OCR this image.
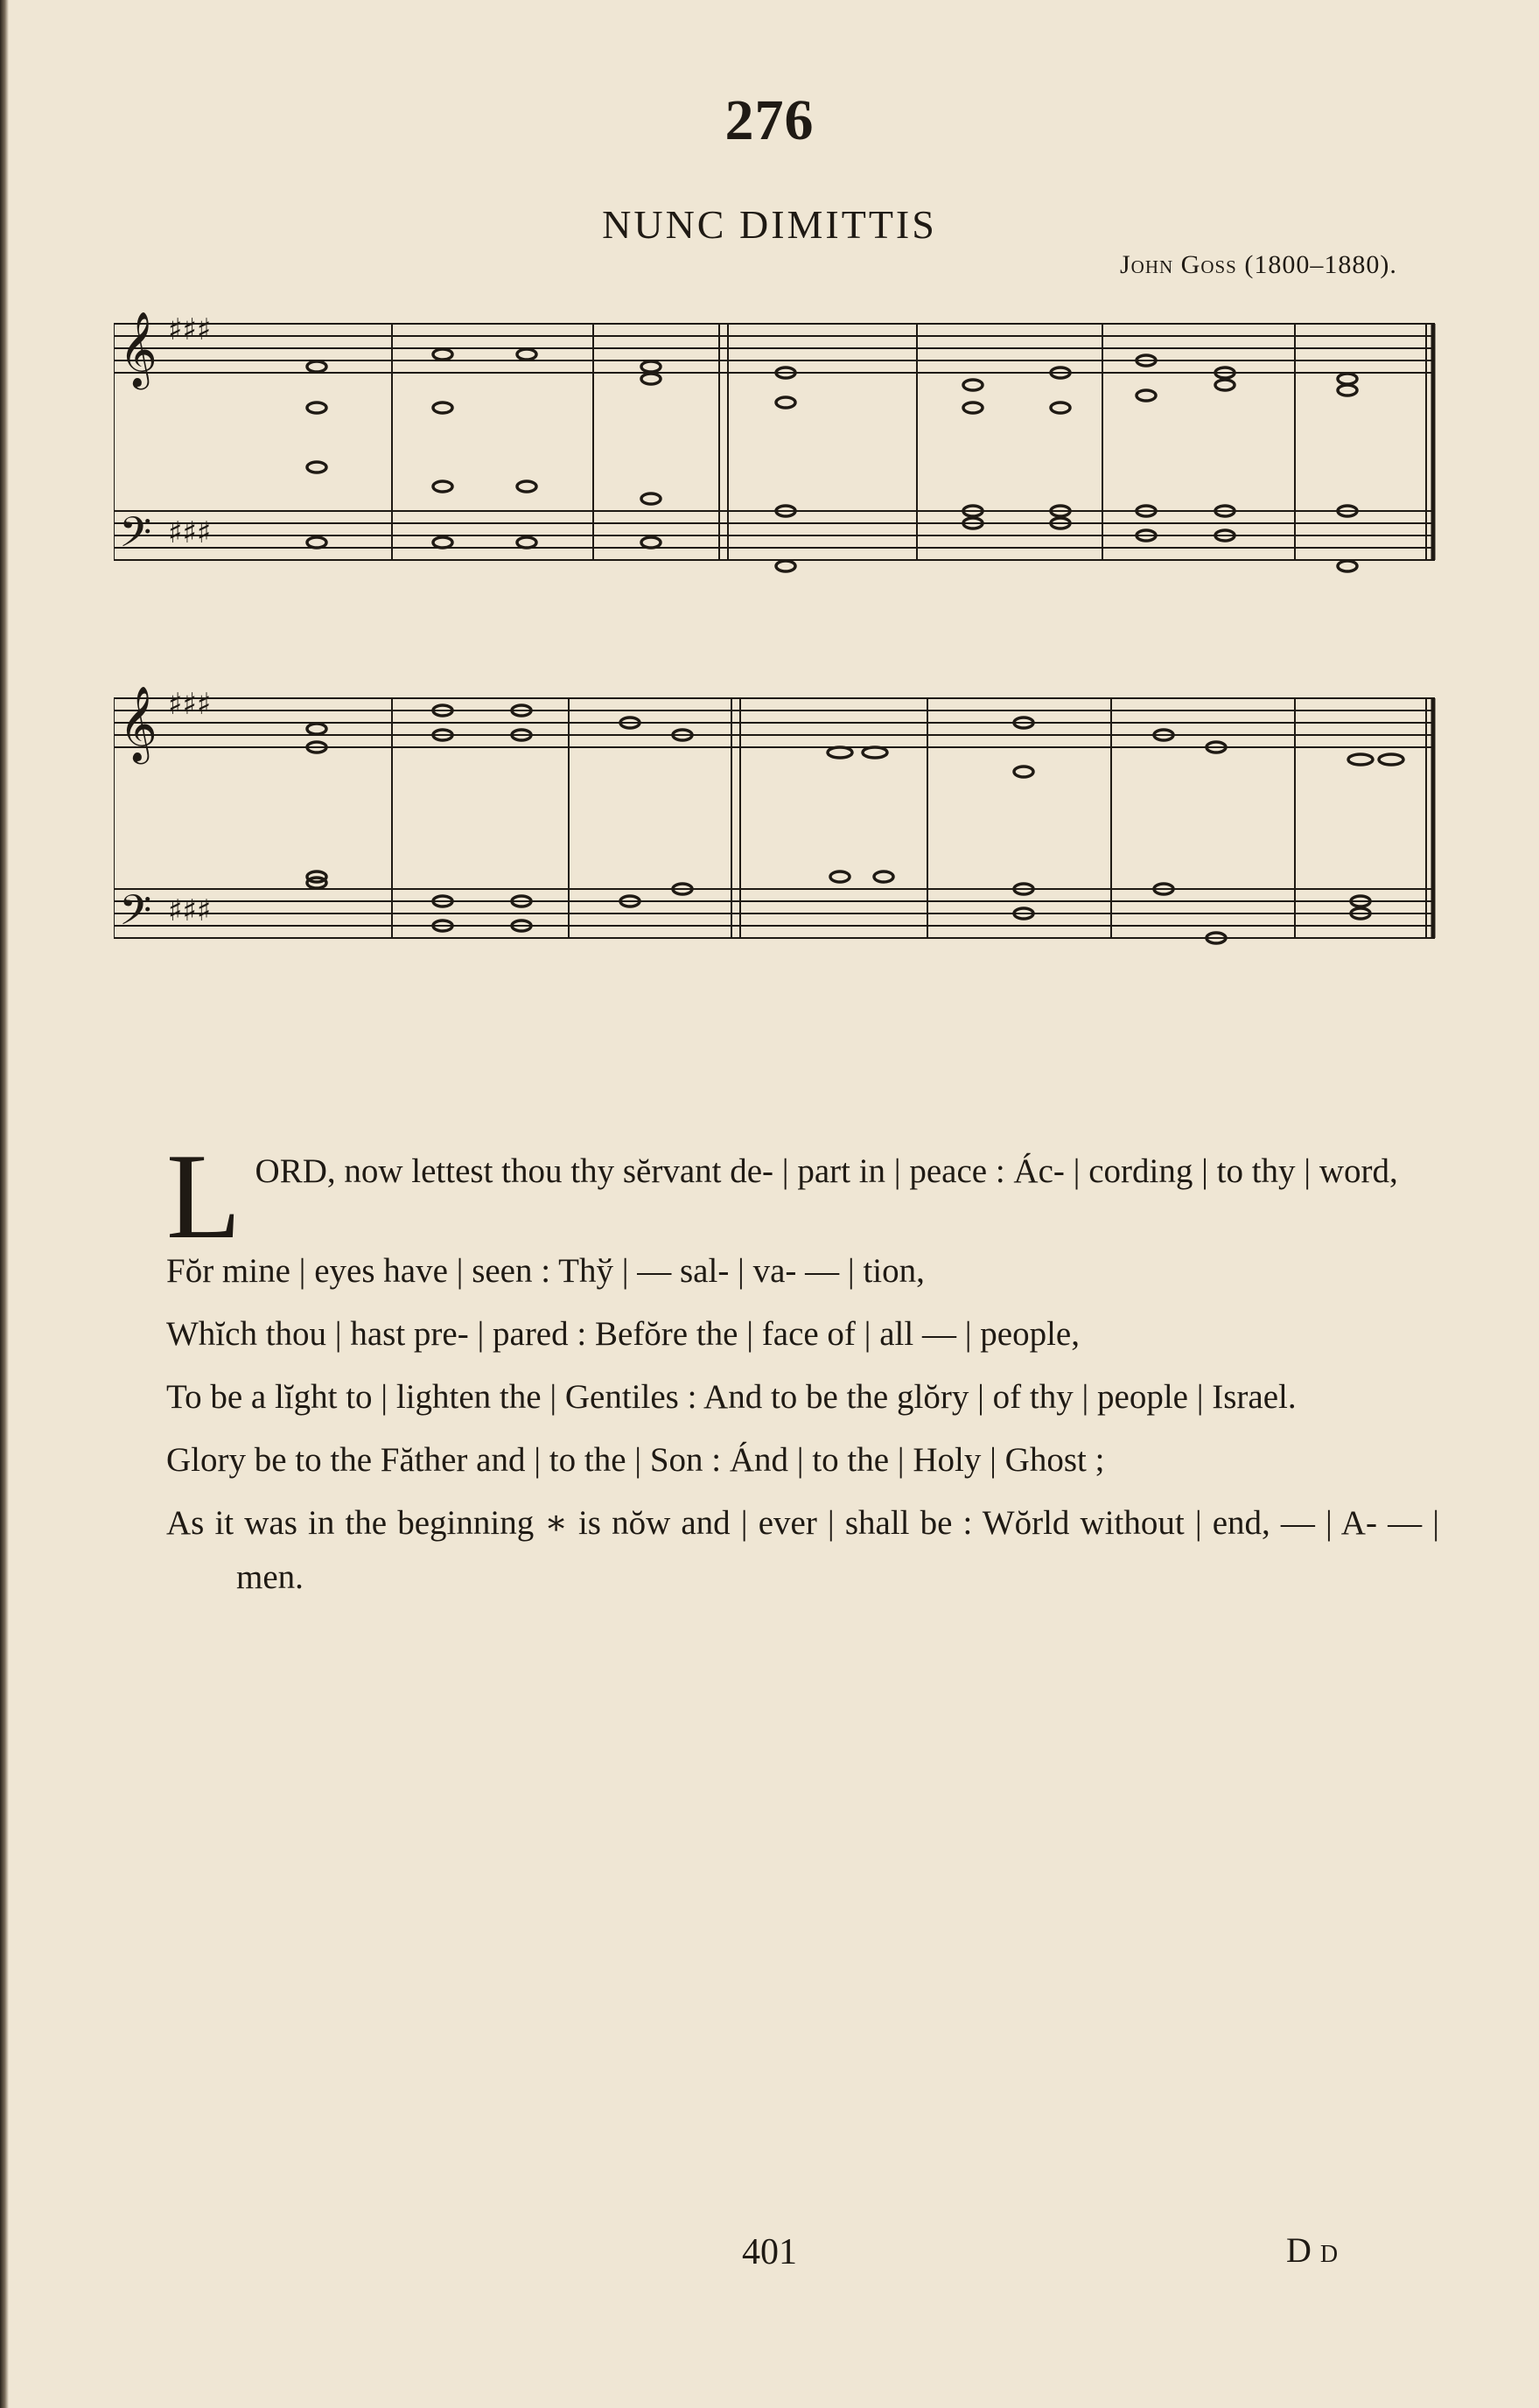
276
NUNC DIMITTIS
John Goss (1800–1880).
𝄞
𝄢
♯♯♯
♯♯♯
𝄞
𝄢
♯♯♯
♯♯♯
LORD, now lettest thou thy sĕrvant de- | part in | peace : Ác- | cording | to thy | word,
Fŏr mine | eyes have | seen : Thў | — sal- | va- — | tion,
Whĭch thou | hast pre- | pared : Befŏre the | face of | all — | people,
To be a lĭght to | lighten the | Gentiles : And to be the glŏry | of thy | people | Israel.
Glory be to the Făther and | to the | Son : Ánd | to the | Holy | Ghost ;
As it was in the beginning ∗ is nŏw and | ever | shall be : Wŏrld without | end, — | A- — | men.
401	D d
